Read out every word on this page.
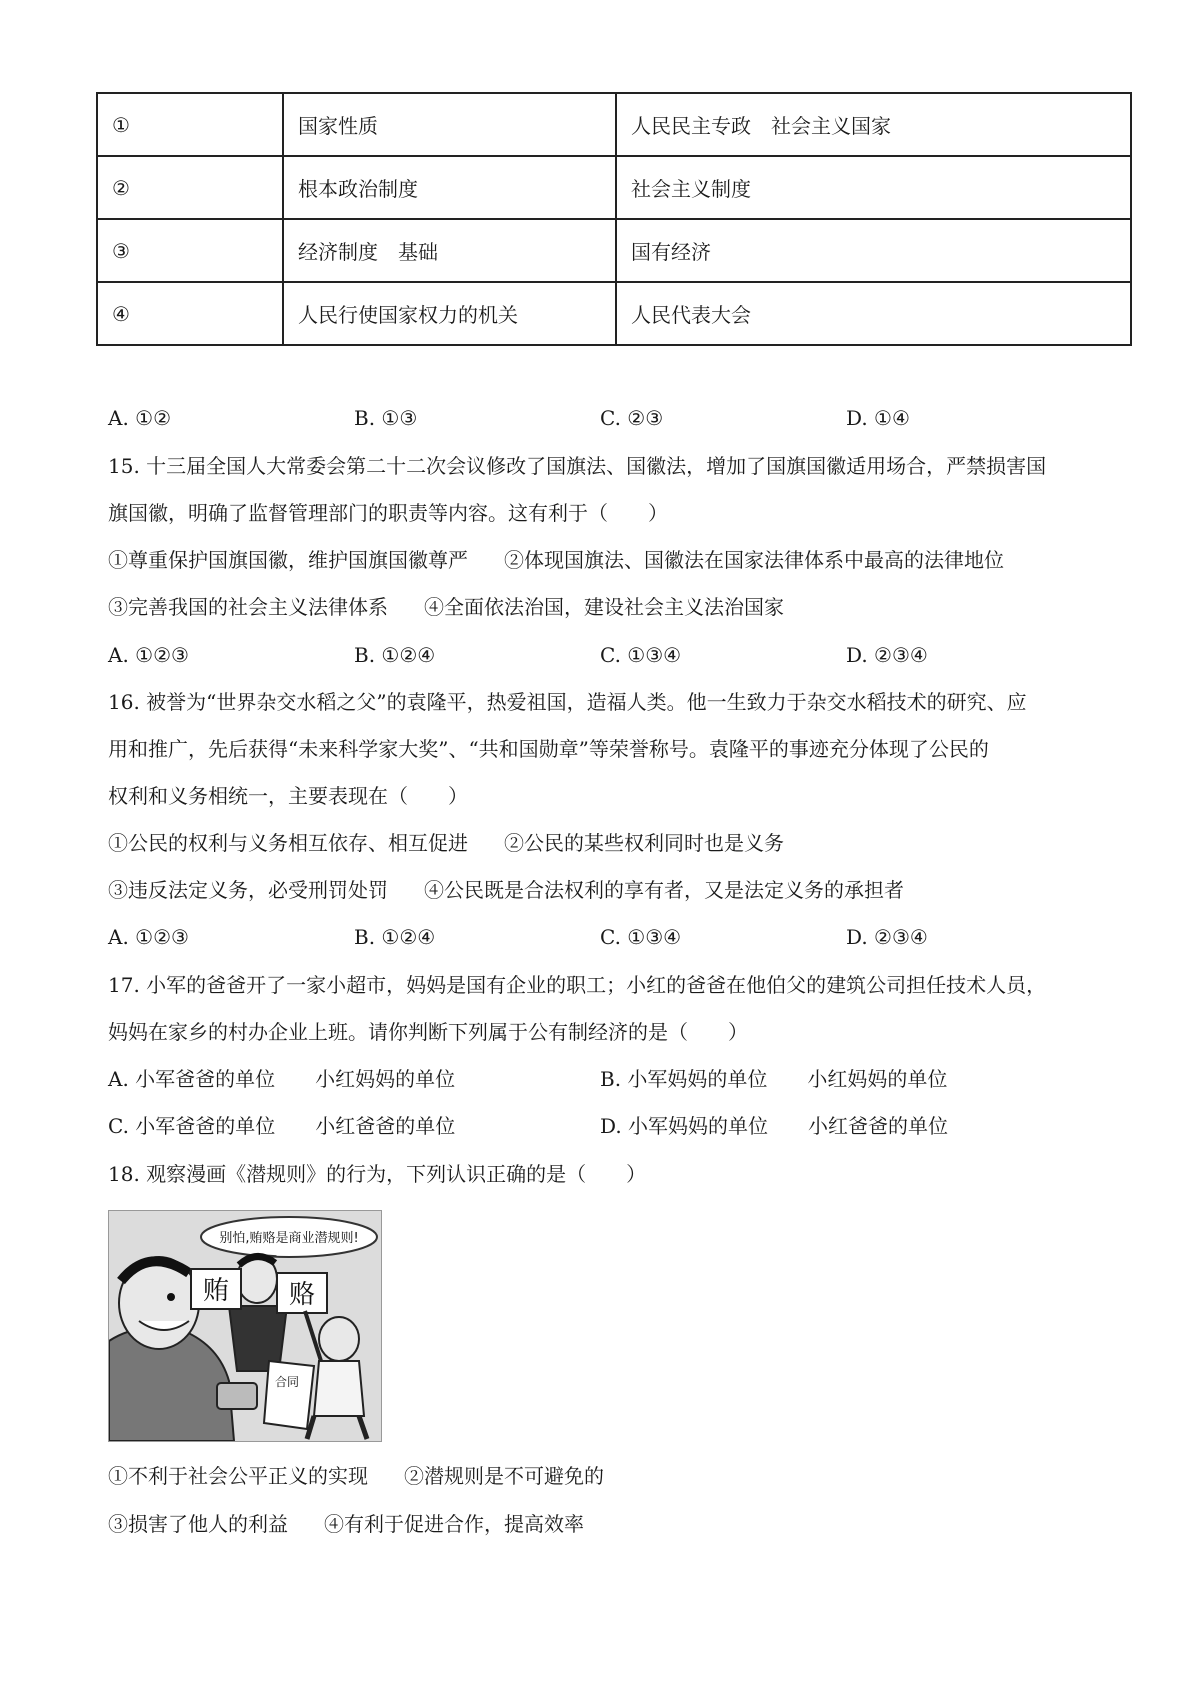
①	国家性质	人民民主专政　社会主义国家
②	根本政治制度	社会主义制度
③	经济制度　基础	国有经济
④	人民行使国家权力的机关	人民代表大会
A. ①②	B. ①③	C. ②③	D. ①④
15. 十三届全国人大常委会第二十二次会议修改了国旗法、国徽法，增加了国旗国徽适用场合，严禁损害国
旗国徽，明确了监督管理部门的职责等内容。这有利于（　　）
①尊重保护国旗国徽，维护国旗国徽尊严 ②体现国旗法、国徽法在国家法律体系中最高的法律地位
③完善我国的社会主义法律体系 ④全面依法治国，建设社会主义法治国家
A. ①②③	B. ①②④	C. ①③④	D. ②③④
16. 被誉为“世界杂交水稻之父”的袁隆平，热爱祖国，造福人类。他一生致力于杂交水稻技术的研究、应
用和推广，先后获得“未来科学家大奖”、“共和国勋章”等荣誉称号。袁隆平的事迹充分体现了公民的
权利和义务相统一，主要表现在（　　）
①公民的权利与义务相互依存、相互促进 ②公民的某些权利同时也是义务
③违反法定义务，必受刑罚处罚 ④公民既是合法权利的享有者，又是法定义务的承担者
A. ①②③	B. ①②④	C. ①③④	D. ②③④
17. 小军的爸爸开了一家小超市，妈妈是国有企业的职工；小红的爸爸在他伯父的建筑公司担任技术人员，
妈妈在家乡的村办企业上班。请你判断下列属于公有制经济的是（　　）
A. 小军爸爸的单位　　小红妈妈的单位	B. 小军妈妈的单位　　小红妈妈的单位
C. 小军爸爸的单位　　小红爸爸的单位	D. 小军妈妈的单位　　小红爸爸的单位
18. 观察漫画《潜规则》的行为，下列认识正确的是（　　）
别怕,贿赂是商业潜规则!
贿 赂
合同
①不利于社会公平正义的实现 ②潜规则是不可避免的
③损害了他人的利益 ④有利于促进合作，提高效率
